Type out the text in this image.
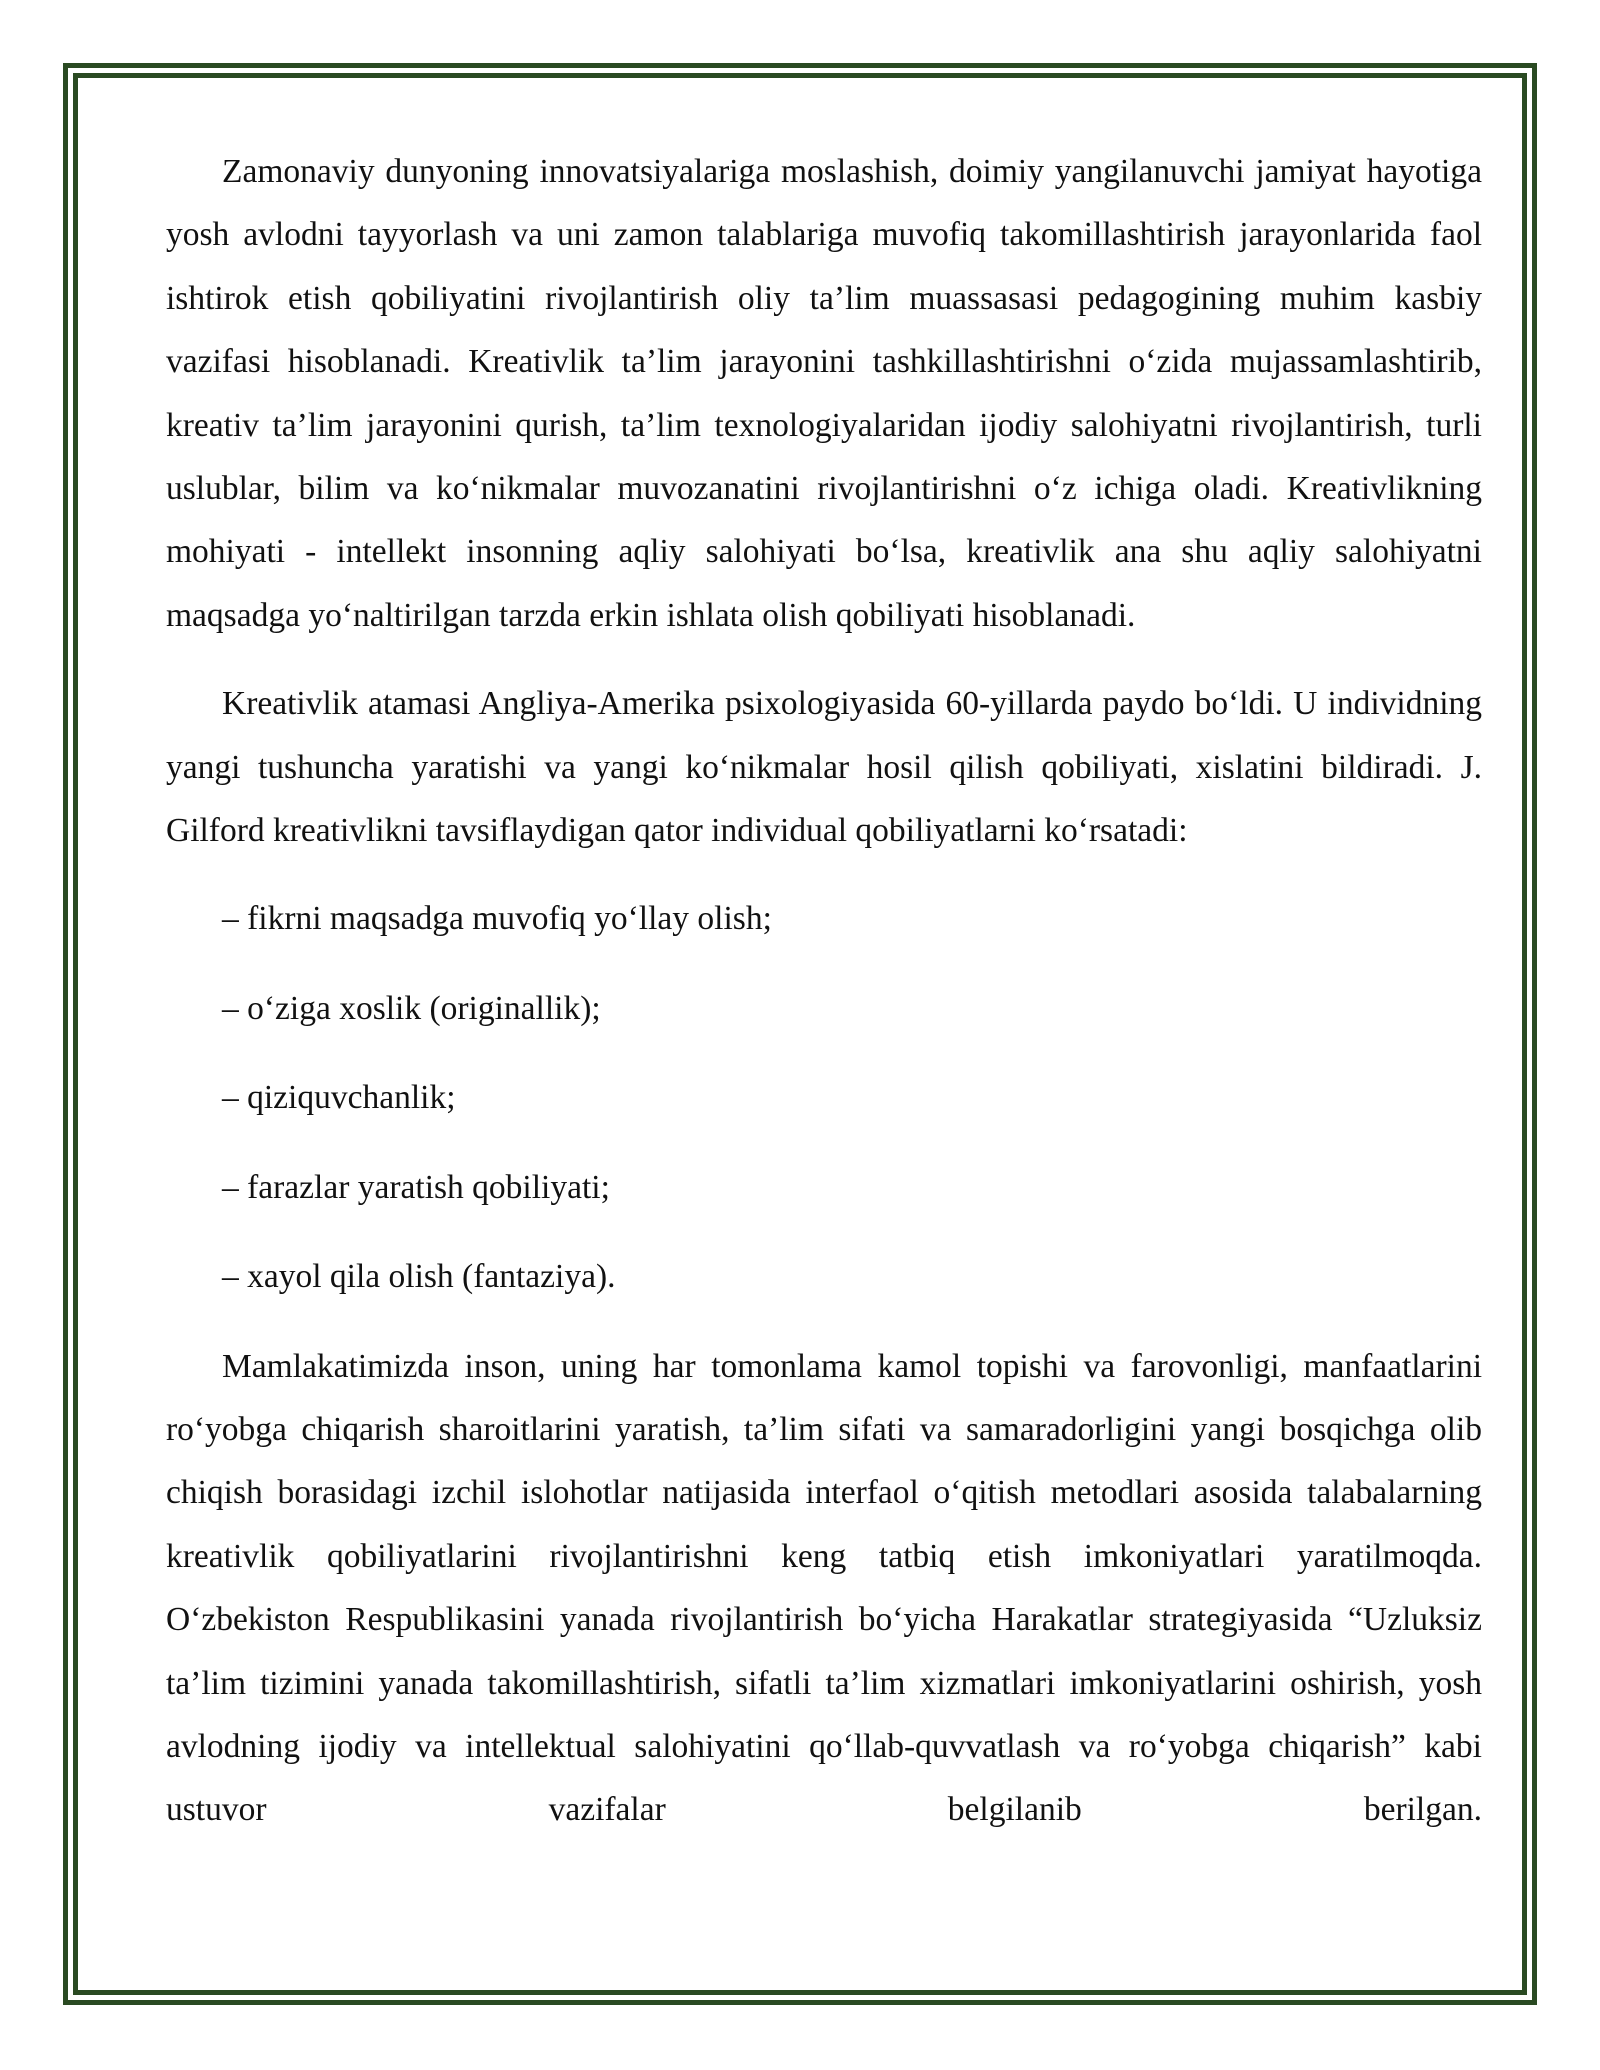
Zamonaviy dunyoning innovatsiyalariga moslashish, doimiy yangilanuvchi jamiyat hayotiga yosh avlodni tayyorlash va uni zamon talablariga muvofiq takomillashtirish jarayonlarida faol ishtirok etish qobiliyatini rivojlantirish oliy ta’lim muassasasi pedagogining muhim kasbiy vazifasi hisoblanadi. Kreativlik ta’lim jarayonini tashkillashtirishni o‘zida mujassamlashtirib, kreativ ta’lim jarayonini qurish, ta’lim texnologiyalaridan ijodiy salohiyatni rivojlantirish, turli uslublar, bilim va ko‘nikmalar muvozanatini rivojlantirishni o‘z ichiga oladi. Kreativlikning mohiyati - intellekt insonning aqliy salohiyati bo‘lsa, kreativlik ana shu aqliy salohiyatni maqsadga yo‘naltirilgan tarzda erkin ishlata olish qobiliyati hisoblanadi.

Kreativlik atamasi Angliya-Amerika psixologiyasida 60-yillarda paydo bo‘ldi. U individning yangi tushuncha yaratishi va yangi ko‘nikmalar hosil qilish qobiliyati, xislatini bildiradi. J. Gilford kreativlikni tavsiflaydigan qator individual qobiliyatlarni ko‘rsatadi:

– fikrni maqsadga muvofiq yo‘llay olish;
– o‘ziga xoslik (originallik);
– qiziquvchanlik;
– farazlar yaratish qobiliyati;
– xayol qila olish (fantaziya).

Mamlakatimizda inson, uning har tomonlama kamol topishi va farovonligi, manfaatlarini ro‘yobga chiqarish sharoitlarini yaratish, ta’lim sifati va samaradorligini yangi bosqichga olib chiqish borasidagi izchil islohotlar natijasida interfaol o‘qitish metodlari asosida talabalarning kreativlik qobiliyatlarini rivojlantirishni keng tatbiq etish imkoniyatlari yaratilmoqda. O‘zbekiston Respublikasini yanada rivojlantirish bo‘yicha Harakatlar strategiyasida “Uzluksiz ta’lim tizimini yanada takomillashtirish, sifatli ta’lim xizmatlari imkoniyatlarini oshirish, yosh avlodning ijodiy va intellektual salohiyatini qo‘llab-quvvatlash va ro‘yobga chiqarish” kabi ustuvor vazifalar belgilanib berilgan.
